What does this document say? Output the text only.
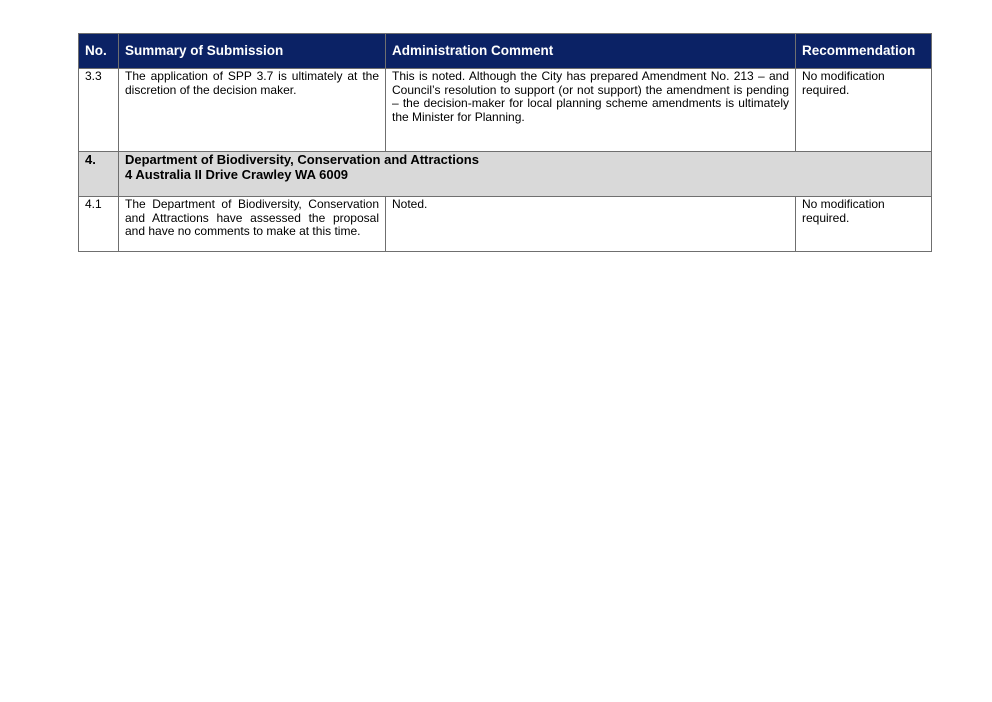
No.	Summary of Submission	Administration Comment	Recommendation
3.3	The application of SPP 3.7 is ultimately at the discretion of the decision maker.	This is noted. Although the City has prepared Amendment No. 213 – and Council’s resolution to support (or not support) the amendment is pending – the decision-maker for local planning scheme amendments is ultimately the Minister for Planning.	No modification required.
4.	Department of Biodiversity, Conservation and Attractions
4 Australia II Drive Crawley WA 6009		

4.1	The Department of Biodiversity, Conservation and Attractions have assessed the proposal and have no comments to make at this time.	Noted.	No modification required.
